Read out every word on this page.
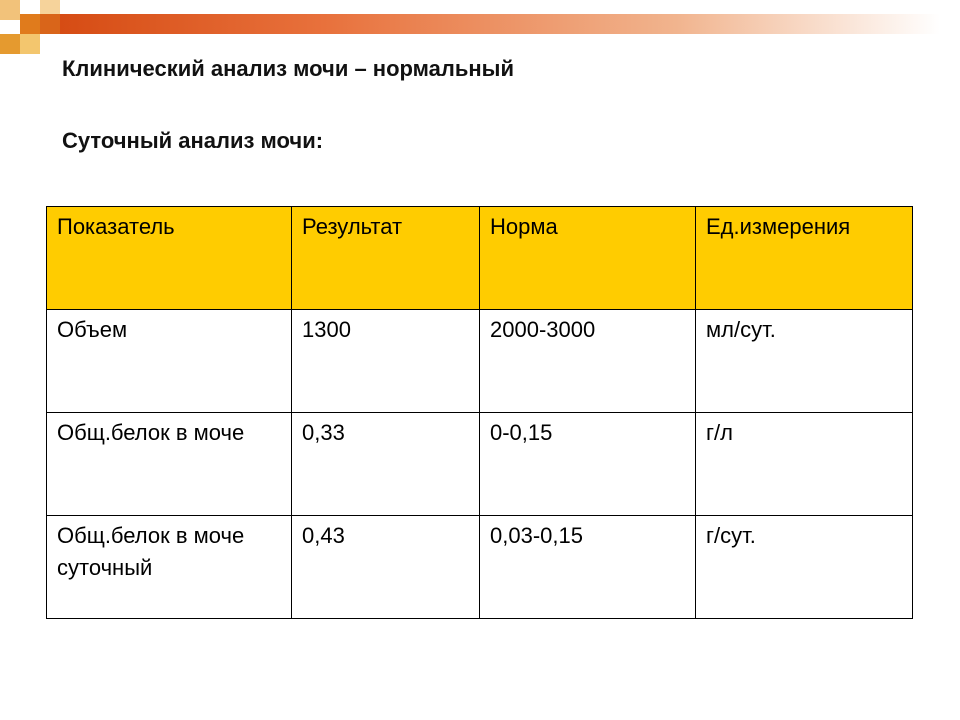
Клинический анализ мочи – нормальный
Суточный анализ мочи:
Показатель	Результат	Норма	Ед.измерения
Объем	1300	2000-3000	мл/сут.
Общ.белок в моче	0,33	0-0,15	г/л
Общ.белок в моче суточный	0,43	0,03-0,15	г/сут.
